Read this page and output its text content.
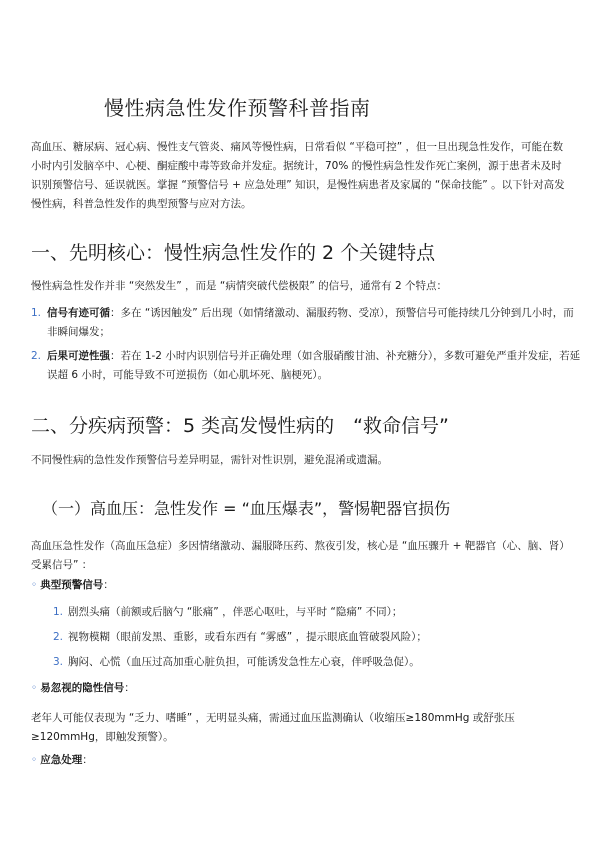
慢性病急性发作预警科普指南
高血压、糖尿病、冠心病、慢性支气管炎、痛风等慢性病，日常看似 “平稳可控” ，但一旦出现急性发作，可能在数小时内引发脑卒中、心梗、酮症酸中毒等致命并发症。据统计，70% 的慢性病急性发作死亡案例，源于患者未及时识别预警信号、延误就医。掌握 “预警信号 + 应急处理” 知识，是慢性病患者及家属的 “保命技能” 。以下针对高发慢性病，科普急性发作的典型预警与应对方法。
一、先明核心：慢性病急性发作的 2 个关键特点
慢性病急性发作并非 “突然发生” ，而是 “病情突破代偿极限” 的信号，通常有 2 个特点：
1. 信号有迹可循：多在 “诱因触发” 后出现（如情绪激动、漏服药物、受凉），预警信号可能持续几分钟到几小时，而非瞬间爆发；
2. 后果可逆性强：若在 1-2 小时内识别信号并正确处理（如含服硝酸甘油、补充糖分），多数可避免严重并发症，若延误超 6 小时，可能导致不可逆损伤（如心肌坏死、脑梗死）。
二、分疾病预警：5 类高发慢性病的　“救命信号”
不同慢性病的急性发作预警信号差异明显，需针对性识别，避免混淆或遗漏。
（一）高血压：急性发作 = “血压爆表”，警惕靶器官损伤
高血压急性发作（高血压急症）多因情绪激动、漏服降压药、熬夜引发，核心是 “血压骤升 + 靶器官（心、脑、肾）受累信号” ：
◦ 典型预警信号：
1. 剧烈头痛（前额或后脑勺 “胀痛” ，伴恶心呕吐，与平时 “隐痛” 不同）；
2. 视物模糊（眼前发黑、重影，或看东西有 “雾感” ，提示眼底血管破裂风险）；
3. 胸闷、心慌（血压过高加重心脏负担，可能诱发急性左心衰，伴呼吸急促）。
◦ 易忽视的隐性信号：
老年人可能仅表现为 “乏力、嗜睡” ，无明显头痛，需通过血压监测确认（收缩压≥180mmHg 或舒张压≥120mmHg，即触发预警）。
◦ 应急处理：
